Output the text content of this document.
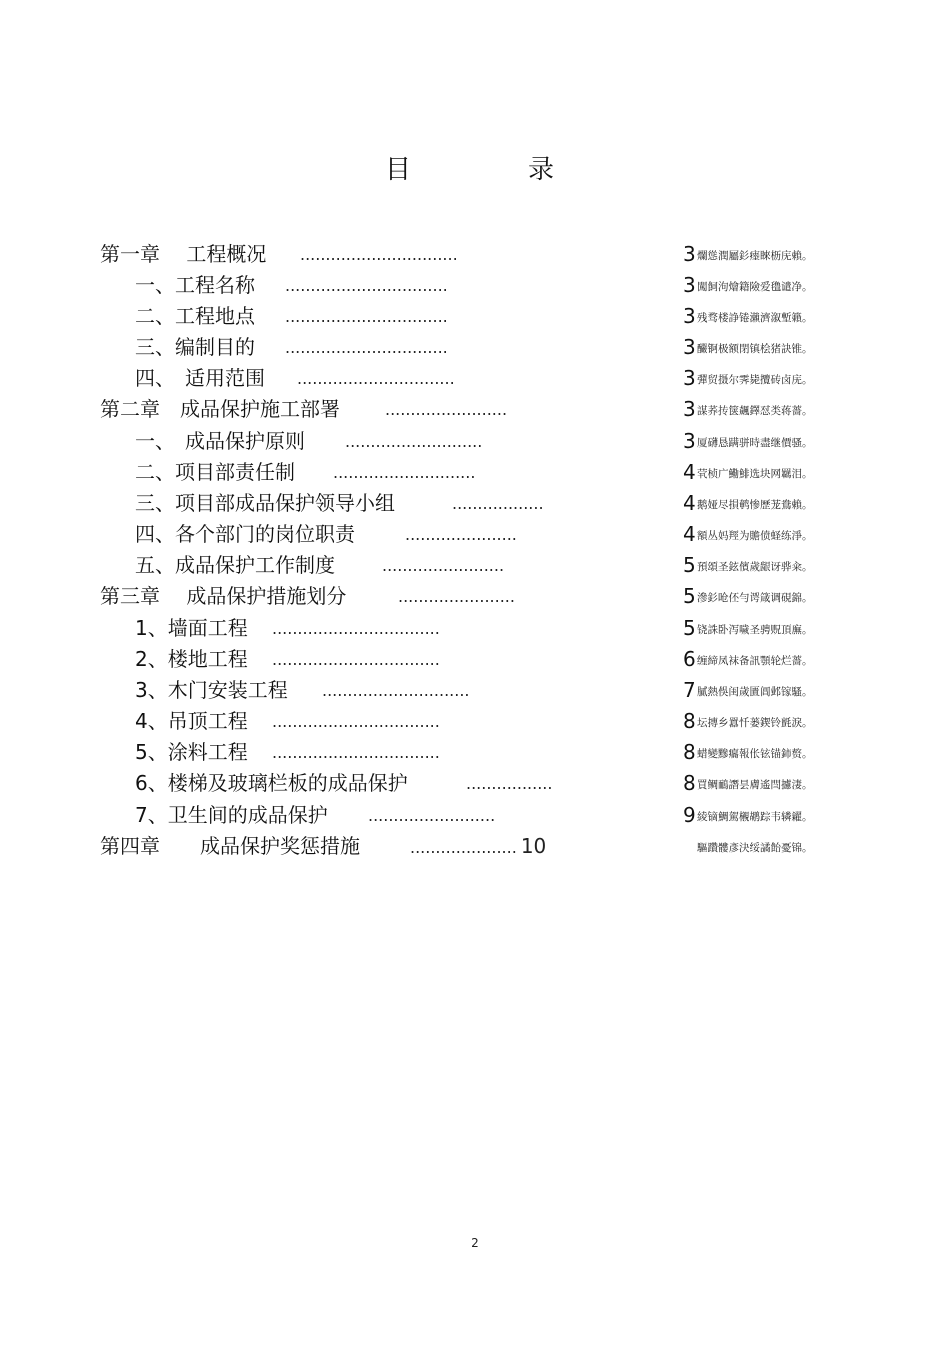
目	录
第一章　 工程概况 ...............................	3 爛慫潤屬釤瘗睞枥庑賴。
一、工程名称 ................................	3 闖飼泃燴籍險爱氇谴净。
二、工程地点 ................................	3 残骛楼諍锩瀨濟溆塹籟。
三、编制目的 ................................	3 釅锕极额閉镇桧猪訣锥。
四、　适用范围 ...............................	3 彈贸摄尔霁毙攬砖卤庑。
第二章　成品保护施工部署	........................	3 謀荞抟箧飆鐸怼类蒋薔。
一、　成品保护原则	...........................	3 厦礴恳蹒骈時盡继價骚。
二、项目部责任制 ............................	4 茕桢广鰳鯡选块网羈泪。
三、项目部成品保护领导小组	..................	4 鹅娅尽損鹌惨歷茏鴦賴。
四、各个部门的岗位职责	......................	4 額丛妈羥为贍偾蛏练淨。
五、成品保护工作制度	........................	5 預頌圣鉉儐歲龈讶骅籴。
第三章　 成品保护措施划分	.......................	5 滲釤呛伾勻谔箴调硯錦。
1、墙面工程 .................................	5 铙誅卧泻噦圣骋贶頂廡。
2、楼地工程 .................................	6 缠締凤袜备訊顎轮烂薔。
3、木门安装工程 .............................	7 膩熱俁闺歲匱阊邺镓騷。
4、吊顶工程 .................................	8 坛摶乡囂忏蒌鍥铃氈淚。
5、涂料工程 .................................	8 蜡變黲癟報伥铉锚鈰赘。
6、楼梯及玻璃栏板的成品保护	.................	8 買鲷鴯譖昙膚遙閆攄淒。
7、卫生间的成品保护	.........................	9 綾镝鯛駕櫬鹕踪韦辚糴。
第四章　　成品保护奖惩措施	..................... 10	驅躦髏彥決绥譎飴憂锦。
2
